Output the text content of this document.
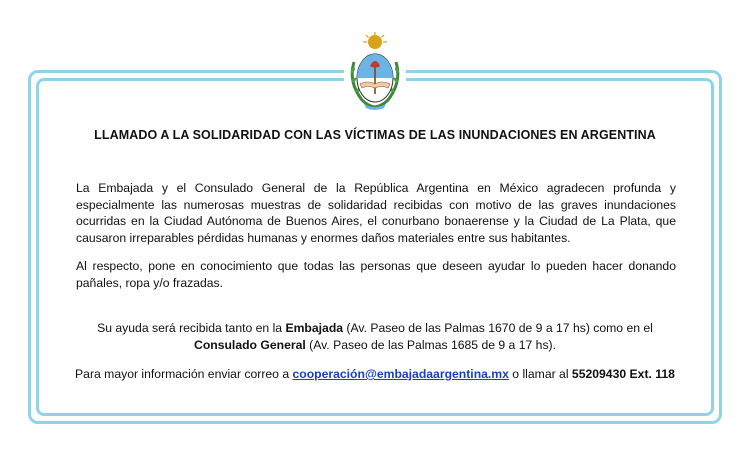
LLAMADO A LA SOLIDARIDAD CON LAS VÍCTIMAS DE LAS INUNDACIONES EN ARGENTINA

La Embajada y el Consulado General de la República Argentina en México agradecen profunda y especialmente las numerosas muestras de solidaridad recibidas con motivo de las graves inundaciones ocurridas en la Ciudad Autónoma de Buenos Aires, el conurbano bonaerense y la Ciudad de La Plata, que causaron irreparables pérdidas humanas y enormes daños materiales entre sus habitantes.

Al respecto, pone en conocimiento que todas las personas que deseen ayudar lo pueden hacer donando pañales, ropa y/o frazadas.

Su ayuda será recibida tanto en la Embajada (Av. Paseo de las Palmas 1670 de 9 a 17 hs) como en el Consulado General (Av. Paseo de las Palmas 1685 de 9 a 17 hs).

Para mayor información enviar correo a cooperación@embajadaargentina.mx o llamar al 55209430 Ext. 118
